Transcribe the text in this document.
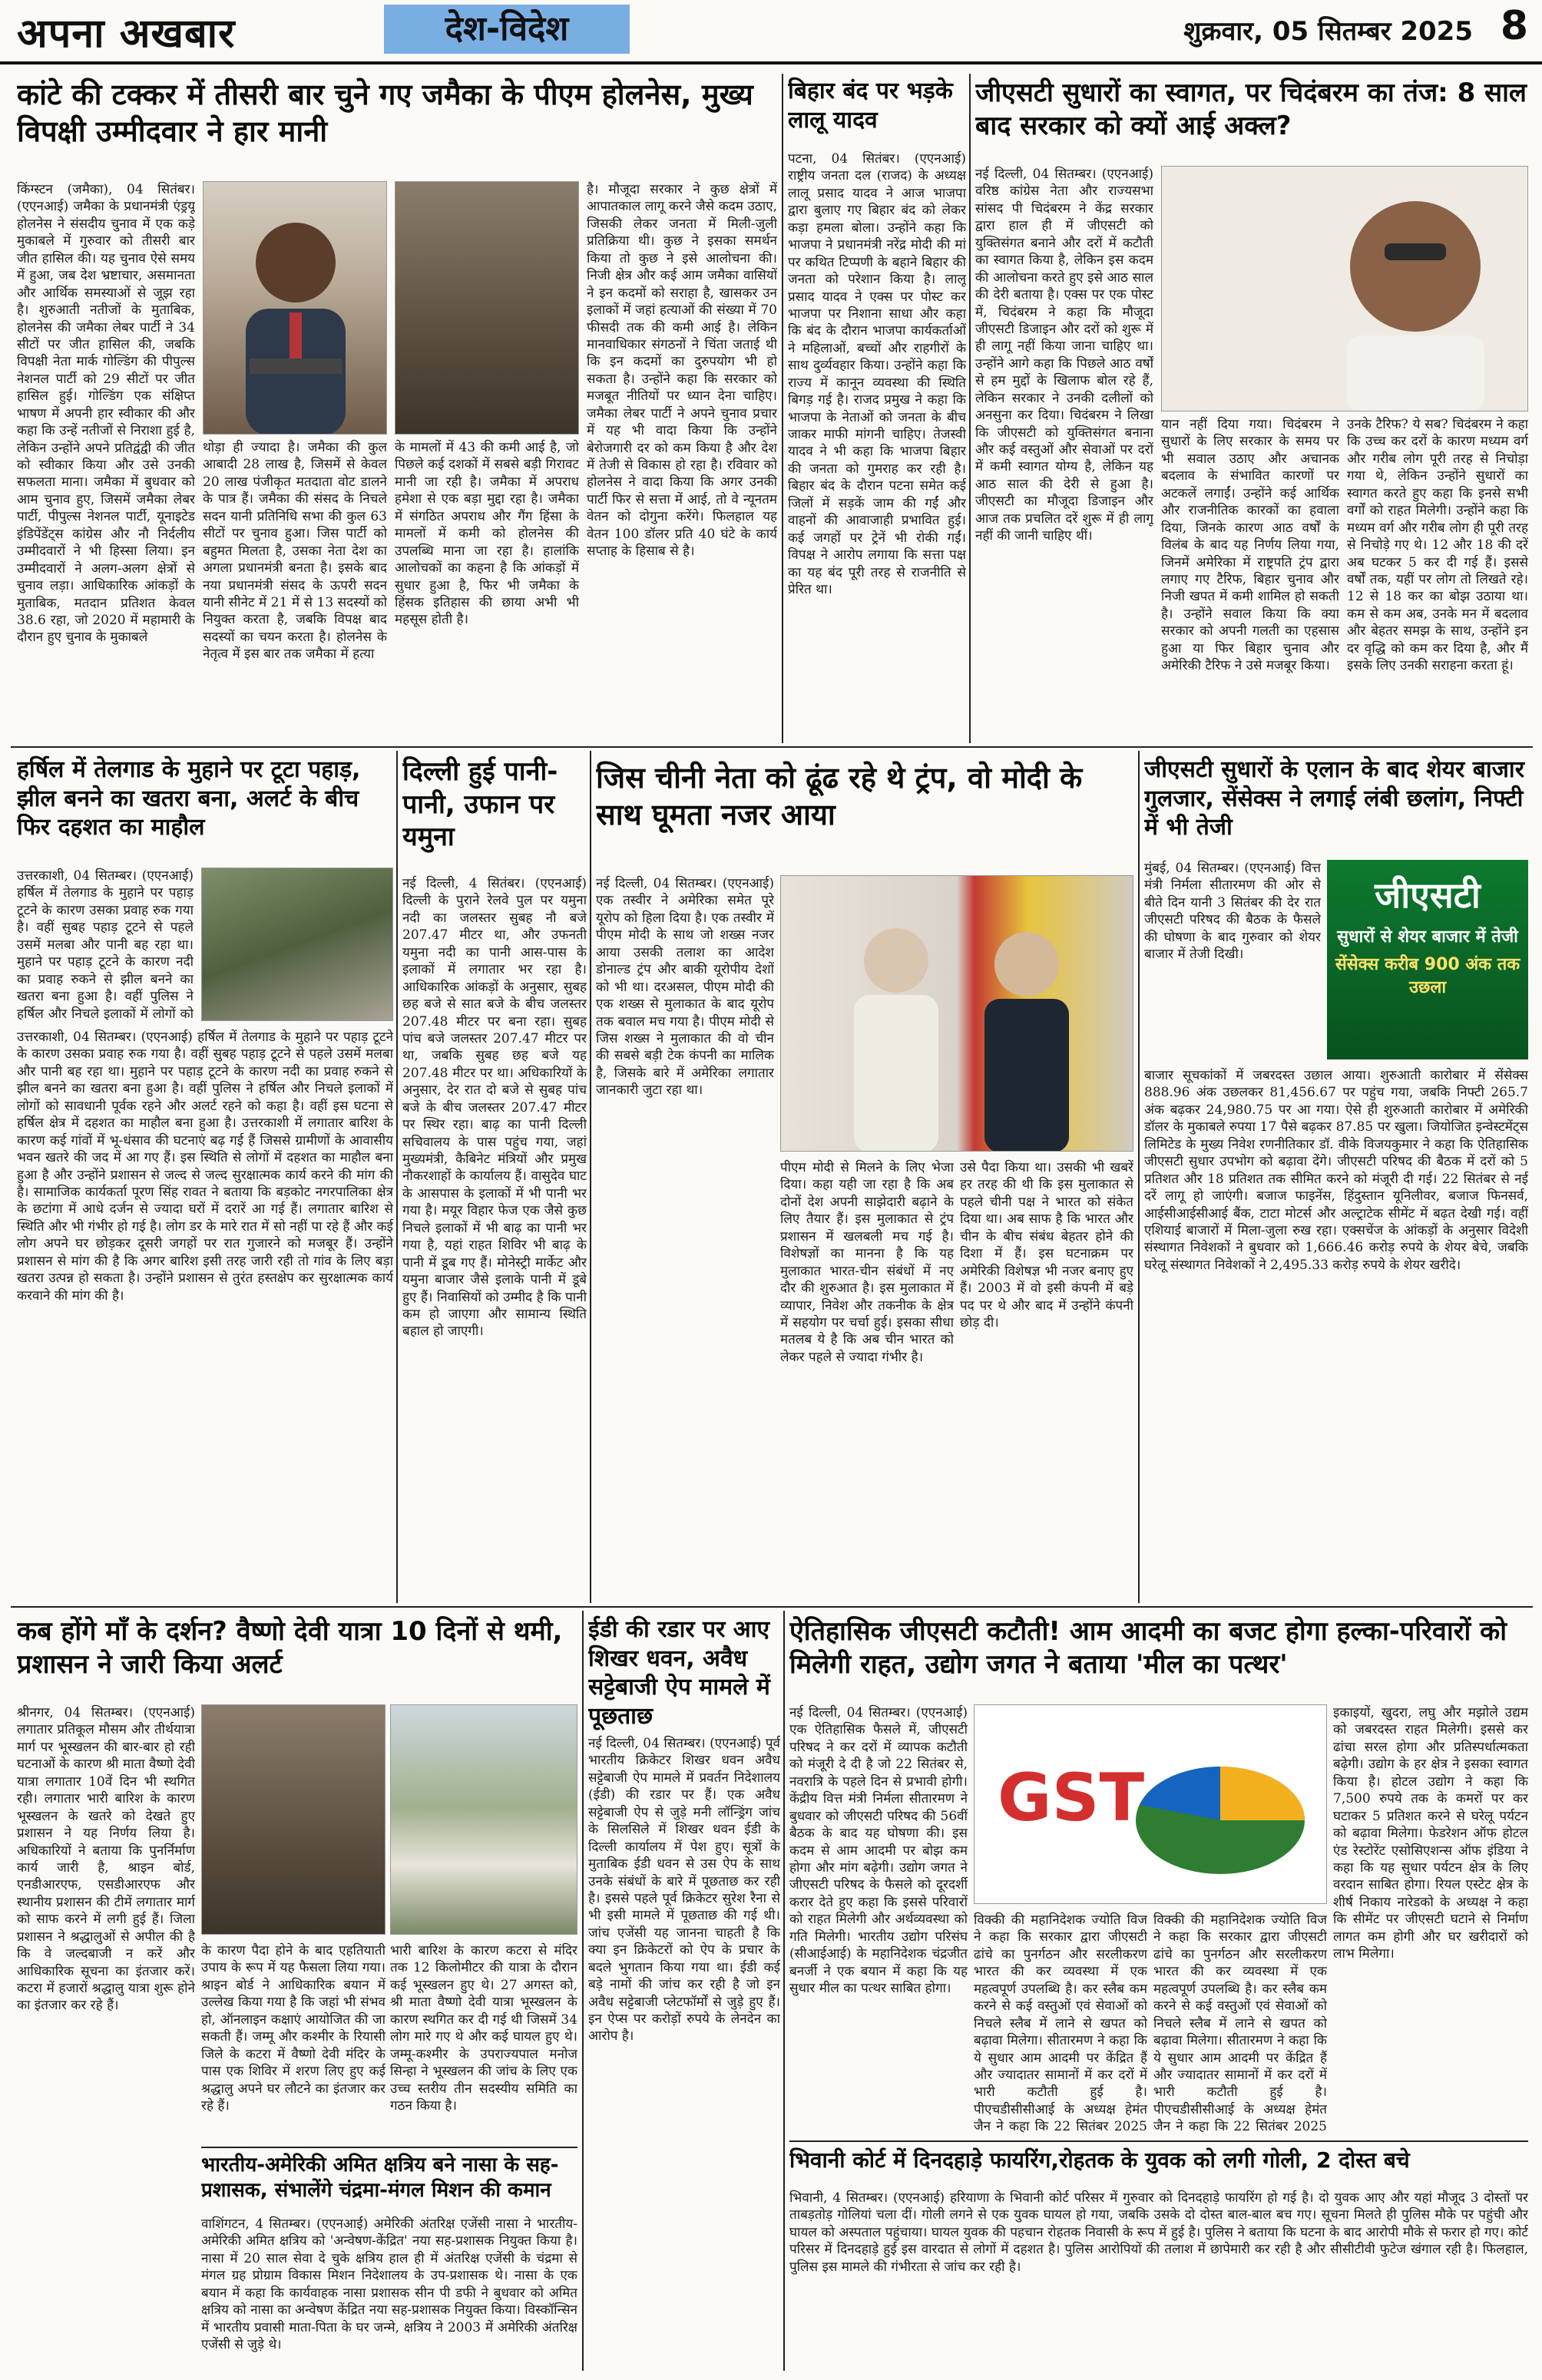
अपना अखबार	देश-विदेश	शुक्रवार, 05 सितम्बर 2025 8
कांटे की टक्कर में तीसरी बार चुने गए जमैका के पीएम होलनेस, मुख्य विपक्षी उम्मीदवार ने हार मानी
किंग्स्टन (जमैका), 04 सितंबर। (एएनआई) जमैका के प्रधानमंत्री एंड्रयू होलनेस ने संसदीय चुनाव में एक कड़े मुकाबले में गुरुवार को तीसरी बार जीत हासिल की। यह चुनाव ऐसे समय में हुआ, जब देश भ्रष्टाचार, असमानता और आर्थिक समस्याओं से जूझ रहा है। शुरुआती नतीजों के मुताबिक, होलनेस की जमैका लेबर पार्टी ने 34 सीटों पर जीत हासिल की, जबकि विपक्षी नेता मार्क गोल्डिंग की पीपुल्स नेशनल पार्टी को 29 सीटों पर जीत हासिल हुई। गोल्डिंग एक संक्षिप्त भाषण में अपनी हार स्वीकार की और कहा कि उन्हें नतीजों से निराशा हुई है, लेकिन उन्होंने अपने प्रतिद्वंद्वी की जीत को स्वीकार किया और उसे उनकी सफलता माना। जमैका में बुधवार को आम चुनाव हुए, जिसमें जमैका लेबर पार्टी, पीपुल्स नेशनल पार्टी, यूनाइटेड इंडिपेंडेंट्स कांग्रेस और नौ निर्दलीय उम्मीदवारों ने भी हिस्सा लिया। इन उम्मीदवारों ने अलग-अलग क्षेत्रों से चुनाव लड़ा। आधिकारिक आंकड़ों के मुताबिक, मतदान प्रतिशत केवल 38.6 रहा, जो 2020 में महामारी के दौरान हुए चुनाव के मुकाबले
थोड़ा ही ज्यादा है। जमैका की कुल आबादी 28 लाख है, जिसमें से केवल 20 लाख पंजीकृत मतदाता वोट डालने के पात्र हैं। जमैका की संसद के निचले सदन यानी प्रतिनिधि सभा की कुल 63 सीटों पर चुनाव हुआ। जिस पार्टी को बहुमत मिलता है, उसका नेता देश का अगला प्रधानमंत्री बनता है। इसके बाद नया प्रधानमंत्री संसद के ऊपरी सदन यानी सीनेट में 21 में से 13 सदस्यों को नियुक्त करता है, जबकि विपक्ष बाद सदस्यों का चयन करता है। होलनेस के नेतृत्व में इस बार तक जमैका में हत्या
के मामलों में 43 की कमी आई है, जो पिछले कई दशकों में सबसे बड़ी गिरावट मानी जा रही है। जमैका में अपराध हमेशा से एक बड़ा मुद्दा रहा है। जमैका में संगठित अपराध और गैंग हिंसा के मामलों में कमी को होलनेस की उपलब्धि माना जा रहा है। हालांकि आलोचकों का कहना है कि आंकड़ों में सुधार हुआ है, फिर भी जमैका के हिंसक इतिहास की छाया अभी भी महसूस होती है।
है। मौजूदा सरकार ने कुछ क्षेत्रों में आपातकाल लागू करने जैसे कदम उठाए, जिसकी लेकर जनता में मिली-जुली प्रतिक्रिया थी। कुछ ने इसका समर्थन किया तो कुछ ने इसे आलोचना की। निजी क्षेत्र और कई आम जमैका वासियों ने इन कदमों को सराहा है, खासकर उन इलाकों में जहां हत्याओं की संख्या में 70 फीसदी तक की कमी आई है। लेकिन मानवाधिकार संगठनों ने चिंता जताई थी कि इन कदमों का दुरुपयोग भी हो सकता है। उन्होंने कहा कि सरकार को मजबूत नीतियों पर ध्यान देना चाहिए। जमैका लेबर पार्टी ने अपने चुनाव प्रचार में यह भी वादा किया कि उन्होंने बेरोजगारी दर को कम किया है और देश में तेजी से विकास हो रहा है। रविवार को होलनेस ने वादा किया कि अगर उनकी पार्टी फिर से सत्ता में आई, तो वे न्यूनतम वेतन को दोगुना करेंगे। फिलहाल यह वेतन 100 डॉलर प्रति 40 घंटे के कार्य सप्ताह के हिसाब से है।
बिहार बंद पर भड़के लालू यादव
पटना, 04 सितंबर। (एएनआई) राष्ट्रीय जनता दल (राजद) के अध्यक्ष लालू प्रसाद यादव ने आज भाजपा द्वारा बुलाए गए बिहार बंद को लेकर कड़ा हमला बोला। उन्होंने कहा कि भाजपा ने प्रधानमंत्री नरेंद्र मोदी की मां पर कथित टिप्पणी के बहाने बिहार की जनता को परेशान किया है। लालू प्रसाद यादव ने एक्स पर पोस्ट कर भाजपा पर निशाना साधा और कहा कि बंद के दौरान भाजपा कार्यकर्ताओं ने महिलाओं, बच्चों और राहगीरों के साथ दुर्व्यवहार किया। उन्होंने कहा कि राज्य में कानून व्यवस्था की स्थिति बिगड़ गई है। राजद प्रमुख ने कहा कि भाजपा के नेताओं को जनता के बीच जाकर माफी मांगनी चाहिए। तेजस्वी यादव ने भी कहा कि भाजपा बिहार की जनता को गुमराह कर रही है। बिहार बंद के दौरान पटना समेत कई जिलों में सड़कें जाम की गईं और वाहनों की आवाजाही प्रभावित हुई। कई जगहों पर ट्रेनें भी रोकी गईं। विपक्ष ने आरोप लगाया कि सत्ता पक्ष का यह बंद पूरी तरह से राजनीति से प्रेरित था।
जीएसटी सुधारों का स्वागत, पर चिदंबरम का तंज: 8 साल बाद सरकार को क्यों आई अक्ल?
नई दिल्ली, 04 सितम्बर। (एएनआई) वरिष्ठ कांग्रेस नेता और राज्यसभा सांसद पी चिदंबरम ने केंद्र सरकार द्वारा हाल ही में जीएसटी को युक्तिसंगत बनाने और दरों में कटौती का स्वागत किया है, लेकिन इस कदम की आलोचना करते हुए इसे आठ साल की देरी बताया है। एक्स पर एक पोस्ट में, चिदंबरम ने कहा कि मौजूदा जीएसटी डिजाइन और दरों को शुरू में ही लागू नहीं किया जाना चाहिए था। उन्होंने आगे कहा कि पिछले आठ वर्षों से हम मुद्दों के खिलाफ बोल रहे हैं, लेकिन सरकार ने उनकी दलीलों को अनसुना कर दिया। चिदंबरम ने लिखा कि जीएसटी को युक्तिसंगत बनाना और कई वस्तुओं और सेवाओं पर दरों में कमी स्वागत योग्य है, लेकिन यह आठ साल की देरी से हुआ है। जीएसटी का मौजूदा डिजाइन और आज तक प्रचलित दरें शुरू में ही लागू नहीं की जानी चाहिए थीं।
यान नहीं दिया गया। चिदंबरम ने सुधारों के लिए सरकार के समय पर भी सवाल उठाए और अचानक बदलाव के संभावित कारणों पर अटकलें लगाईं। उन्होंने कई आर्थिक और राजनीतिक कारकों का हवाला दिया, जिनके कारण आठ वर्षों के विलंब के बाद यह निर्णय लिया गया, जिनमें अमेरिका में राष्ट्रपति ट्रंप द्वारा लगाए गए टैरिफ, बिहार चुनाव और निजी खपत में कमी शामिल हो सकती है। उन्होंने सवाल किया कि क्या सरकार को अपनी गलती का एहसास हुआ या फिर बिहार चुनाव और अमेरिकी टैरिफ ने उसे मजबूर किया।
उनके टैरिफ? ये सब? चिदंबरम ने कहा कि उच्च कर दरों के कारण मध्यम वर्ग और गरीब लोग पूरी तरह से निचोड़ा गया थे, लेकिन उन्होंने सुधारों का स्वागत करते हुए कहा कि इनसे सभी वर्गों को राहत मिलेगी। उन्होंने कहा कि मध्यम वर्ग और गरीब लोग ही पूरी तरह से निचोड़े गए थे। 12 और 18 की दरें अब घटकर 5 कर दी गई हैं। इससे वर्षों तक, यहीं पर लोग तो लिखते रहे। 12 से 18 कर का बोझ उठाया था। कम से कम अब, उनके मन में बदलाव और बेहतर समझ के साथ, उन्होंने इन दर वृद्धि को कम कर दिया है, और मैं इसके लिए उनकी सराहना करता हूं।
हर्षिल में तेलगाड के मुहाने पर टूटा पहाड़, झील बनने का खतरा बना, अलर्ट के बीच फिर दहशत का माहौल
उत्तरकाशी, 04 सितम्बर। (एएनआई) हर्षिल में तेलगाड के मुहाने पर पहाड़ टूटने के कारण उसका प्रवाह रुक गया है। वहीं सुबह पहाड़ टूटने से पहले उसमें मलबा और पानी बह रहा था। मुहाने पर पहाड़ टूटने के कारण नदी का प्रवाह रुकने से झील बनने का खतरा बना हुआ है। वहीं पुलिस ने हर्षिल और निचले इलाकों में लोगों को
उत्तरकाशी, 04 सितम्बर। (एएनआई) हर्षिल में तेलगाड के मुहाने पर पहाड़ टूटने के कारण उसका प्रवाह रुक गया है। वहीं सुबह पहाड़ टूटने से पहले उसमें मलबा और पानी बह रहा था। मुहाने पर पहाड़ टूटने के कारण नदी का प्रवाह रुकने से झील बनने का खतरा बना हुआ है। वहीं पुलिस ने हर्षिल और निचले इलाकों में लोगों को सावधानी पूर्वक रहने और अलर्ट रहने को कहा है। वहीं इस घटना से हर्षिल क्षेत्र में दहशत का माहौल बना हुआ है। उत्तरकाशी में लगातार बारिश के कारण कई गांवों में भू-धंसाव की घटनाएं बढ़ गई हैं जिससे ग्रामीणों के आवासीय भवन खतरे की जद में आ गए हैं। इस स्थिति से लोगों में दहशत का माहौल बना हुआ है और उन्होंने प्रशासन से जल्द से जल्द सुरक्षात्मक कार्य करने की मांग की है। सामाजिक कार्यकर्ता पूरण सिंह रावत ने बताया कि बड़कोट नगरपालिका क्षेत्र के छटांगा में आधे दर्जन से ज्यादा घरों में दरारें आ गई हैं। लगातार बारिश से स्थिति और भी गंभीर हो गई है। लोग डर के मारे रात में सो नहीं पा रहे हैं और कई लोग अपने घर छोड़कर दूसरी जगहों पर रात गुजारने को मजबूर हैं। उन्होंने प्रशासन से मांग की है कि अगर बारिश इसी तरह जारी रही तो गांव के लिए बड़ा खतरा उत्पन्न हो सकता है। उन्होंने प्रशासन से तुरंत हस्तक्षेप कर सुरक्षात्मक कार्य करवाने की मांग की है।
दिल्ली हुई पानी-पानी, उफान पर यमुना
नई दिल्ली, 4 सितंबर। (एएनआई) दिल्ली के पुराने रेलवे पुल पर यमुना नदी का जलस्तर सुबह नौ बजे 207.47 मीटर था, और उफनती यमुना नदी का पानी आस-पास के इलाकों में लगातार भर रहा है। आधिकारिक आंकड़ों के अनुसार, सुबह छह बजे से सात बजे के बीच जलस्तर 207.48 मीटर पर बना रहा। सुबह पांच बजे जलस्तर 207.47 मीटर पर था, जबकि सुबह छह बजे यह 207.48 मीटर पर था। अधिकारियों के अनुसार, देर रात दो बजे से सुबह पांच बजे के बीच जलस्तर 207.47 मीटर पर स्थिर रहा। बाढ़ का पानी दिल्ली सचिवालय के पास पहुंच गया, जहां मुख्यमंत्री, कैबिनेट मंत्रियों और प्रमुख नौकरशाहों के कार्यालय हैं। वासुदेव घाट के आसपास के इलाकों में भी पानी भर गया है। मयूर विहार फेज एक जैसे कुछ निचले इलाकों में भी बाढ़ का पानी भर गया है, यहां राहत शिविर भी बाढ़ के पानी में डूब गए हैं। मोनेस्ट्री मार्केट और यमुना बाजार जैसे इलाके पानी में डूबे हुए हैं। निवासियों को उम्मीद है कि पानी कम हो जाएगा और सामान्य स्थिति बहाल हो जाएगी।
जिस चीनी नेता को ढूंढ रहे थे ट्रंप, वो मोदी के साथ घूमता नजर आया
नई दिल्ली, 04 सितम्बर। (एएनआई) एक तस्वीर ने अमेरिका समेत पूरे यूरोप को हिला दिया है। एक तस्वीर में पीएम मोदी के साथ जो शख्स नजर आया उसकी तलाश का आदेश डोनाल्ड ट्रंप और बाकी यूरोपीय देशों को भी था। दरअसल, पीएम मोदी की एक शख्स से मुलाकात के बाद यूरोप तक बवाल मच गया है। पीएम मोदी से जिस शख्स ने मुलाकात की वो चीन की सबसे बड़ी टेक कंपनी का मालिक है, जिसके बारे में अमेरिका लगातार जानकारी जुटा रहा था।
पीएम मोदी से मिलने के लिए भेजा दिया। कहा यही जा रहा है कि अब दोनों देश अपनी साझेदारी बढ़ाने के लिए तैयार हैं। इस मुलाकात से ट्रंप प्रशासन में खलबली मच गई है। विशेषज्ञों का मानना है कि यह मुलाकात भारत-चीन संबंधों में नए दौर की शुरुआत है। इस मुलाकात में व्यापार, निवेश और तकनीक के क्षेत्र में सहयोग पर चर्चा हुई। इसका सीधा मतलब ये है कि अब चीन भारत को लेकर पहले से ज्यादा गंभीर है।
उसे पैदा किया था। उसकी भी खबरें हर तरह की थी कि इस मुलाकात से पहले चीनी पक्ष ने भारत को संकेत दिया था। अब साफ है कि भारत और चीन के बीच संबंध बेहतर होने की दिशा में हैं। इस घटनाक्रम पर अमेरिकी विशेषज्ञ भी नजर बनाए हुए हैं। 2003 में वो इसी कंपनी में बड़े पद पर थे और बाद में उन्होंने कंपनी छोड़ दी।
जीएसटी सुधारों के एलान के बाद शेयर बाजार गुलजार, सेंसेक्स ने लगाई लंबी छलांग, निफ्टी में भी तेजी
मुंबई, 04 सितम्बर। (एएनआई) वित्त मंत्री निर्मला सीतारमण की ओर से बीते दिन यानी 3 सितंबर की देर रात जीएसटी परिषद की बैठक के फैसले की घोषणा के बाद गुरुवार को शेयर बाजार में तेजी दिखी।
जीएसटी
सुधारों से शेयर बाजार में तेजी
सेंसेक्स करीब 900 अंक तक उछला
बाजार सूचकांकों में जबरदस्त उछाल आया। शुरुआती कारोबार में सेंसेक्स 888.96 अंक उछलकर 81,456.67 पर पहुंच गया, जबकि निफ्टी 265.7 अंक बढ़कर 24,980.75 पर आ गया। ऐसे ही शुरुआती कारोबार में अमेरिकी डॉलर के मुकाबले रुपया 17 पैसे बढ़कर 87.85 पर खुला। जियोजित इन्वेस्टमेंट्स लिमिटेड के मुख्य निवेश रणनीतिकार डॉ. वीके विजयकुमार ने कहा कि ऐतिहासिक जीएसटी सुधार उपभोग को बढ़ावा देंगे। जीएसटी परिषद की बैठक में दरों को 5 प्रतिशत और 18 प्रतिशत तक सीमित करने को मंजूरी दी गई। 22 सितंबर से नई दरें लागू हो जाएंगी। बजाज फाइनेंस, हिंदुस्तान यूनिलीवर, बजाज फिनसर्व, आईसीआईसीआई बैंक, टाटा मोटर्स और अल्ट्राटेक सीमेंट में बढ़त देखी गई। वहीं एशियाई बाजारों में मिला-जुला रुख रहा। एक्सचेंज के आंकड़ों के अनुसार विदेशी संस्थागत निवेशकों ने बुधवार को 1,666.46 करोड़ रुपये के शेयर बेचे, जबकि घरेलू संस्थागत निवेशकों ने 2,495.33 करोड़ रुपये के शेयर खरीदे।
कब होंगे माँ के दर्शन? वैष्णो देवी यात्रा 10 दिनों से थमी, प्रशासन ने जारी किया अलर्ट
श्रीनगर, 04 सितम्बर। (एएनआई) लगातार प्रतिकूल मौसम और तीर्थयात्रा मार्ग पर भूस्खलन की बार-बार हो रही घटनाओं के कारण श्री माता वैष्णो देवी यात्रा लगातार 10वें दिन भी स्थगित रही। लगातार भारी बारिश के कारण भूस्खलन के खतरे को देखते हुए प्रशासन ने यह निर्णय लिया है। अधिकारियों ने बताया कि पुनर्निर्माण कार्य जारी है, श्राइन बोर्ड, एनडीआरएफ, एसडीआरएफ और स्थानीय प्रशासन की टीमें लगातार मार्ग को साफ करने में लगी हुई हैं। जिला प्रशासन ने श्रद्धालुओं से अपील की है कि वे जल्दबाजी न करें और आधिकारिक सूचना का इंतजार करें। कटरा में हजारों श्रद्धालु यात्रा शुरू होने का इंतजार कर रहे हैं।
के कारण पैदा होने के बाद एहतियाती उपाय के रूप में यह फैसला लिया गया। श्राइन बोर्ड ने आधिकारिक बयान में उल्लेख किया गया है कि जहां भी संभव हो, ऑनलाइन कक्षाएं आयोजित की जा सकती हैं। जम्मू और कश्मीर के रियासी जिले के कटरा में वैष्णो देवी मंदिर के पास एक शिविर में शरण लिए हुए कई श्रद्धालु अपने घर लौटने का इंतजार कर रहे हैं।
भारी बारिश के कारण कटरा से मंदिर तक 12 किलोमीटर की यात्रा के दौरान कई भूस्खलन हुए थे। 27 अगस्त को, श्री माता वैष्णो देवी यात्रा भूस्खलन के कारण स्थगित कर दी गई थी जिसमें 34 लोग मारे गए थे और कई घायल हुए थे। जम्मू-कश्मीर के उपराज्यपाल मनोज सिन्हा ने भूस्खलन की जांच के लिए एक उच्च स्तरीय तीन सदस्यीय समिति का गठन किया है।
भारतीय-अमेरिकी अमित क्षत्रिय बने नासा के सह-प्रशासक, संभालेंगे चंद्रमा-मंगल मिशन की कमान
वाशिंगटन, 4 सितम्बर। (एएनआई) अमेरिकी अंतरिक्ष एजेंसी नासा ने भारतीय-अमेरिकी अमित क्षत्रिय को 'अन्वेषण-केंद्रित' नया सह-प्रशासक नियुक्त किया है। नासा में 20 साल सेवा दे चुके क्षत्रिय हाल ही में अंतरिक्ष एजेंसी के चंद्रमा से मंगल ग्रह प्रोग्राम विकास मिशन निदेशालय के उप-प्रशासक थे। नासा के एक बयान में कहा कि कार्यवाहक नासा प्रशासक सीन पी डफी ने बुधवार को अमित क्षत्रिय को नासा का अन्वेषण केंद्रित नया सह-प्रशासक नियुक्त किया। विस्कॉन्सिन में भारतीय प्रवासी माता-पिता के घर जन्मे, क्षत्रिय ने 2003 में अमेरिकी अंतरिक्ष एजेंसी से जुड़े थे।
ईडी की रडार पर आए शिखर धवन, अवैध सट्टेबाजी ऐप मामले में पूछताछ
नई दिल्ली, 04 सितम्बर। (एएनआई) पूर्व भारतीय क्रिकेटर शिखर धवन अवैध सट्टेबाजी ऐप मामले में प्रवर्तन निदेशालय (ईडी) की रडार पर हैं। एक अवैध सट्टेबाजी ऐप से जुड़े मनी लॉन्ड्रिंग जांच के सिलसिले में शिखर धवन ईडी के दिल्ली कार्यालय में पेश हुए। सूत्रों के मुताबिक ईडी धवन से उस ऐप के साथ उनके संबंधों के बारे में पूछताछ कर रही है। इससे पहले पूर्व क्रिकेटर सुरेश रैना से भी इसी मामले में पूछताछ की गई थी। जांच एजेंसी यह जानना चाहती है कि क्या इन क्रिकेटरों को ऐप के प्रचार के बदले भुगतान किया गया था। ईडी कई बड़े नामों की जांच कर रही है जो इन अवैध सट्टेबाजी प्लेटफॉर्मों से जुड़े हुए हैं। इन ऐप्स पर करोड़ों रुपये के लेनदेन का आरोप है।
ऐतिहासिक जीएसटी कटौती! आम आदमी का बजट होगा हल्का-परिवारों को मिलेगी राहत, उद्योग जगत ने बताया 'मील का पत्थर'
नई दिल्ली, 04 सितम्बर। (एएनआई) एक ऐतिहासिक फैसले में, जीएसटी परिषद ने कर दरों में व्यापक कटौती को मंजूरी दे दी है जो 22 सितंबर से, नवरात्रि के पहले दिन से प्रभावी होगी। केंद्रीय वित्त मंत्री निर्मला सीतारमण ने बुधवार को जीएसटी परिषद की 56वीं बैठक के बाद यह घोषणा की। इस कदम से आम आदमी पर बोझ कम होगा और मांग बढ़ेगी। उद्योग जगत ने जीएसटी परिषद के फैसले को दूरदर्शी करार देते हुए कहा कि इससे परिवारों को राहत मिलेगी और अर्थव्यवस्था को गति मिलेगी। भारतीय उद्योग परिसंघ (सीआईआई) के महानिदेशक चंद्रजीत बनर्जी ने एक बयान में कहा कि यह सुधार मील का पत्थर साबित होगा।
GST
विक्की की महानिदेशक ज्योति विज ने कहा कि सरकार द्वारा जीएसटी ढांचे का पुनर्गठन और सरलीकरण भारत की कर व्यवस्था में एक महत्वपूर्ण उपलब्धि है। कर स्लैब कम करने से कई वस्तुओं एवं सेवाओं को निचले स्लैब में लाने से खपत को बढ़ावा मिलेगा। सीतारमण ने कहा कि ये सुधार आम आदमी पर केंद्रित हैं और ज्यादातर सामानों में कर दरों में भारी कटौती हुई है। पीएचडीसीसीआई के अध्यक्ष हेमंत जैन ने कहा कि 22 सितंबर 2025
विक्की की महानिदेशक ज्योति विज ने कहा कि सरकार द्वारा जीएसटी ढांचे का पुनर्गठन और सरलीकरण भारत की कर व्यवस्था में एक महत्वपूर्ण उपलब्धि है। कर स्लैब कम करने से कई वस्तुओं एवं सेवाओं को निचले स्लैब में लाने से खपत को बढ़ावा मिलेगा। सीतारमण ने कहा कि ये सुधार आम आदमी पर केंद्रित हैं और ज्यादातर सामानों में कर दरों में भारी कटौती हुई है। पीएचडीसीसीआई के अध्यक्ष हेमंत जैन ने कहा कि 22 सितंबर 2025
इकाइयों, खुदरा, लघु और मझोले उद्यम को जबरदस्त राहत मिलेगी। इससे कर ढांचा सरल होगा और प्रतिस्पर्धात्मकता बढ़ेगी। उद्योग के हर क्षेत्र ने इसका स्वागत किया है। होटल उद्योग ने कहा कि 7,500 रुपये तक के कमरों पर कर घटाकर 5 प्रतिशत करने से घरेलू पर्यटन को बढ़ावा मिलेगा। फेडरेशन ऑफ होटल एंड रेस्टोरेंट एसोसिएशन्स ऑफ इंडिया ने कहा कि यह सुधार पर्यटन क्षेत्र के लिए वरदान साबित होगा। रियल एस्टेट क्षेत्र के शीर्ष निकाय नारेडको के अध्यक्ष ने कहा कि सीमेंट पर जीएसटी घटाने से निर्माण लागत कम होगी और घर खरीदारों को लाभ मिलेगा।
भिवानी कोर्ट में दिनदहाड़े फायरिंग,रोहतक के युवक को लगी गोली, 2 दोस्त बचे
भिवानी, 4 सितम्बर। (एएनआई) हरियाणा के भिवानी कोर्ट परिसर में गुरुवार को दिनदहाड़े फायरिंग हो गई है। दो युवक आए और यहां मौजूद 3 दोस्तों पर ताबड़तोड़ गोलियां चला दीं। गोली लगने से एक युवक घायल हो गया, जबकि उसके दो दोस्त बाल-बाल बच गए। सूचना मिलते ही पुलिस मौके पर पहुंची और घायल को अस्पताल पहुंचाया। घायल युवक की पहचान रोहतक निवासी के रूप में हुई है। पुलिस ने बताया कि घटना के बाद आरोपी मौके से फरार हो गए। कोर्ट परिसर में दिनदहाड़े हुई इस वारदात से लोगों में दहशत है। पुलिस आरोपियों की तलाश में छापेमारी कर रही है और सीसीटीवी फुटेज खंगाल रही है। फिलहाल, पुलिस इस मामले की गंभीरता से जांच कर रही है।
